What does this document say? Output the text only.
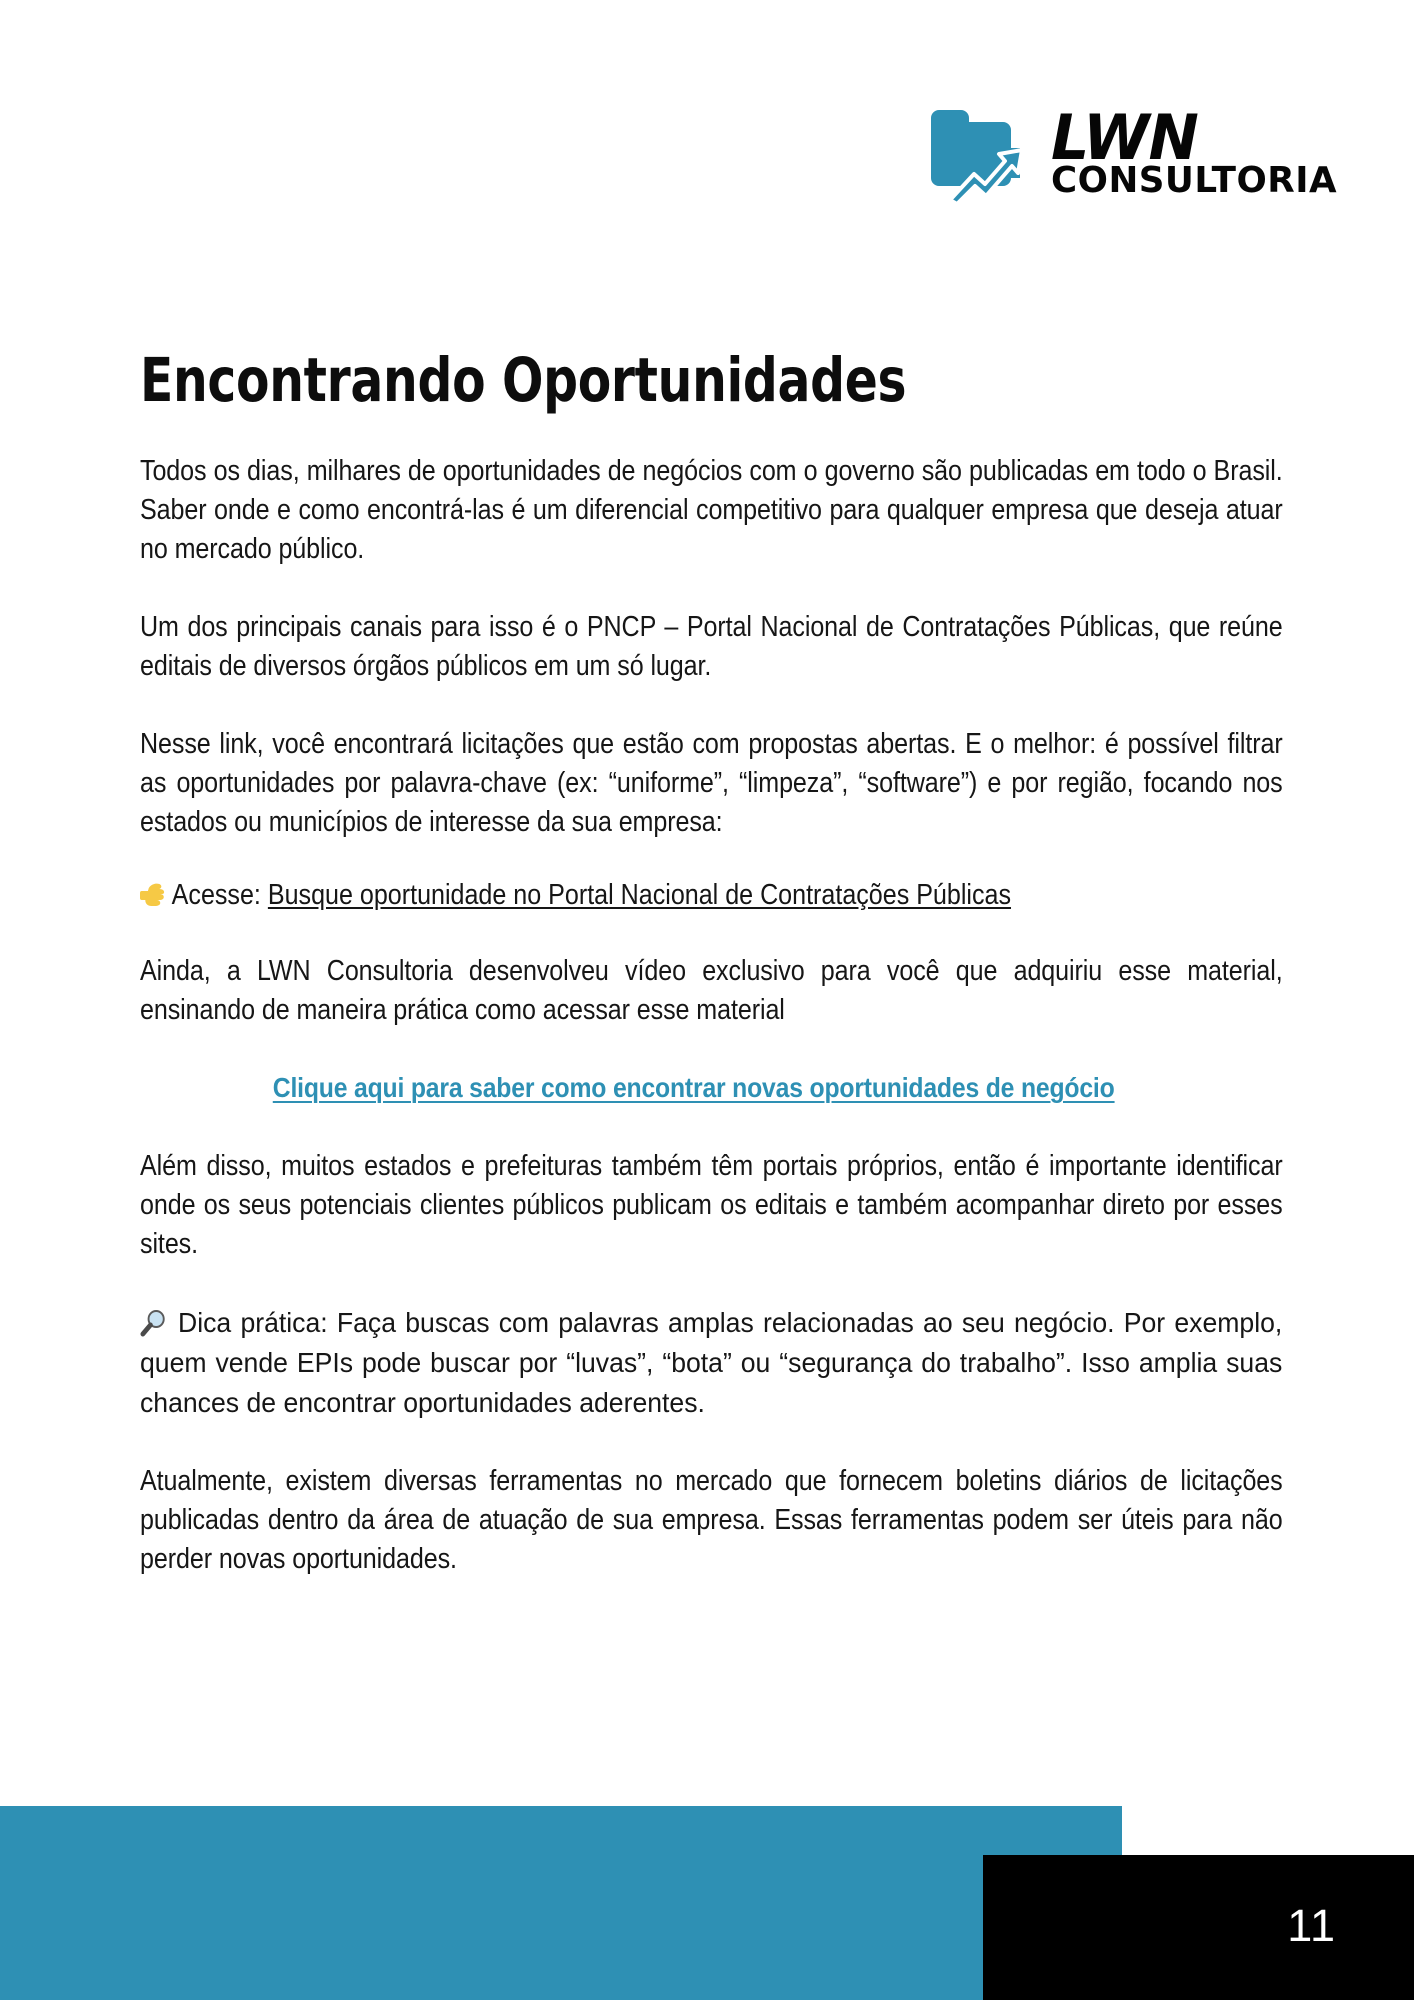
LWN
CONSULTORIA
Encontrando Oportunidades

Todos os dias, milhares de oportunidades de negócios com o governo são publicadas em todo o Brasil. Saber onde e como encontrá-las é um diferencial competitivo para qualquer empresa que deseja atuar no mercado público.

Um dos principais canais para isso é o PNCP – Portal Nacional de Contratações Públicas, que reúne editais de diversos órgãos públicos em um só lugar.

Nesse link, você encontrará licitações que estão com propostas abertas. E o melhor: é possível filtrar as oportunidades por palavra-chave (ex: “uniforme”, “limpeza”, “software”) e por região, focando nos estados ou municípios de interesse da sua empresa:

Acesse: Busque oportunidade no Portal Nacional de Contratações Públicas

Ainda, a LWN Consultoria desenvolveu vídeo exclusivo para você que adquiriu esse material, ensinando de maneira prática como acessar esse material

Clique aqui para saber como encontrar novas oportunidades de negócio

Além disso, muitos estados e prefeituras também têm portais próprios, então é importante identificar onde os seus potenciais clientes públicos publicam os editais e também acompanhar direto por esses sites.

Dica prática: Faça buscas com palavras amplas relacionadas ao seu negócio. Por exemplo, quem vende EPIs pode buscar por “luvas”, “bota” ou “segurança do trabalho”. Isso amplia suas chances de encontrar oportunidades aderentes.

Atualmente, existem diversas ferramentas no mercado que fornecem boletins diários de licitações publicadas dentro da área de atuação de sua empresa. Essas ferramentas podem ser úteis para não perder novas oportunidades.

11
